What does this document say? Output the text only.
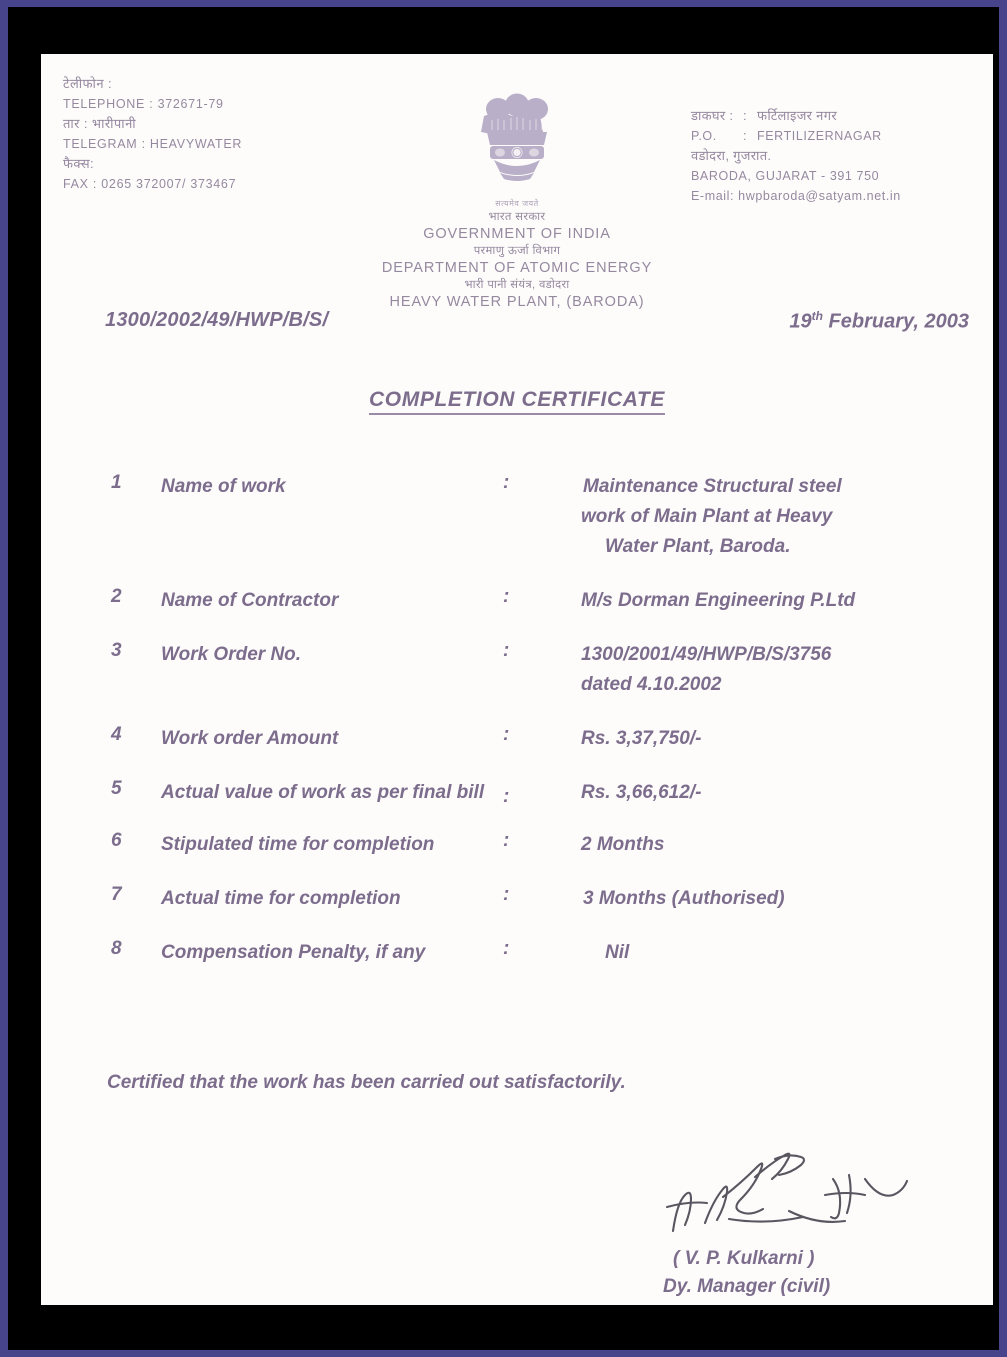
टेलीफोन :
TELEPHONE : 372671-79
तार : भारीपानी
TELEGRAM : HEAVYWATER
फैक्स:
FAX : 0265 372007/ 373467
सत्यमेव जयते
भारत सरकार
GOVERNMENT OF INDIA
परमाणु ऊर्जा विभाग
DEPARTMENT OF ATOMIC ENERGY
भारी पानी संयंत्र, वडोदरा
HEAVY WATER PLANT, (BARODA)
डाकघर : : फर्टिलाइजर नगर
P.O.	: FERTILIZERNAGAR
वडोदरा, गुजरात.
BARODA, GUJARAT - 391 750
E-mail: hwpbaroda@satyam.net.in
1300/2002/49/HWP/B/S/	19th February, 2003
COMPLETION CERTIFICATE
1	Name of work	:	Maintenance Structural steel
work of Main Plant at Heavy
Water Plant, Baroda.
2	Name of Contractor	:	M/s Dorman Engineering P.Ltd
3	Work Order No.	:	1300/2001/49/HWP/B/S/3756
dated 4.10.2002
4	Work order Amount	:	Rs. 3,37,750/-
5	Actual value of work as per final bill :	Rs. 3,66,612/-
6	Stipulated time for completion	:	2 Months
7	Actual time for completion	:	3 Months (Authorised)
8	Compensation Penalty, if any	:	Nil
Certified that the work has been carried out satisfactorily.
( V. P. Kulkarni )
Dy. Manager (civil)
